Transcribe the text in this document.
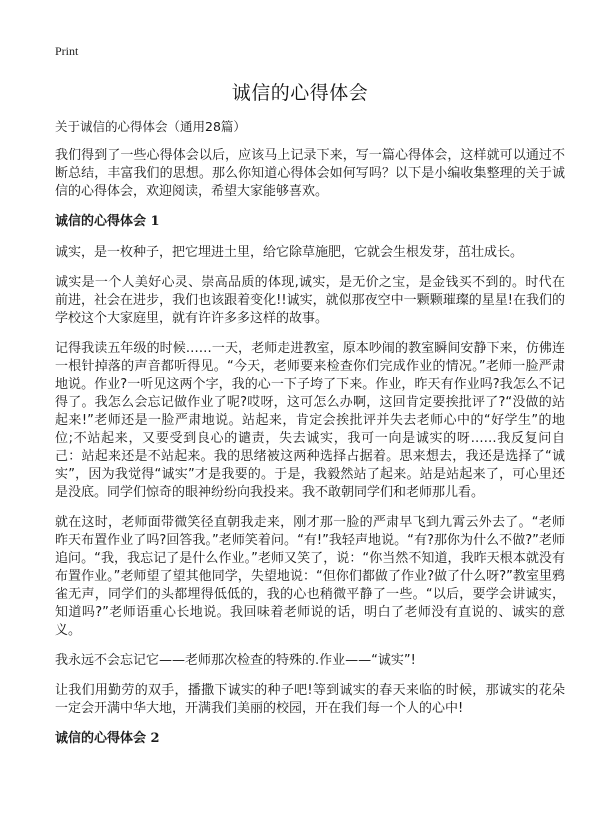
Print
诚信的心得体会
关于诚信的心得体会（通用28篇）

我们得到了一些心得体会以后，应该马上记录下来，写一篇心得体会，这样就可以通过不断总结，丰富我们的思想。那么你知道心得体会如何写吗？以下是小编收集整理的关于诚信的心得体会，欢迎阅读，希望大家能够喜欢。

诚信的心得体会 1

诚实，是一枚种子，把它埋进土里，给它除草施肥，它就会生根发芽，茁壮成长。

诚实是一个人美好心灵、崇高品质的体现,诚实，是无价之宝，是金钱买不到的。时代在前进，社会在进步，我们也该跟着变化!!诚实，就似那夜空中一颗颗璀璨的星星!在我们的学校这个大家庭里，就有许许多多这样的故事。

记得我读五年级的时候……一天，老师走进教室，原本吵闹的教室瞬间安静下来，仿佛连一根针掉落的声音都听得见。“今天，老师要来检查你们完成作业的情况。”老师一脸严肃地说。作业?一听见这两个字，我的心一下子垮了下来。作业，昨天有作业吗?我怎么不记得了。我怎么会忘记做作业了呢?哎呀，这可怎么办啊，这回肯定要挨批评了?“没做的站起来!”老师还是一脸严肃地说。站起来，肯定会挨批评并失去老师心中的“好学生”的地位;不站起来，又要受到良心的谴责，失去诚实，我可一向是诚实的呀……我反复问自己：站起来还是不站起来。我的思绪被这两种选择占据着。思来想去，我还是选择了“诚实”，因为我觉得“诚实”才是我要的。于是，我毅然站了起来。站是站起来了，可心里还是没底。同学们惊奇的眼神纷纷向我投来。我不敢朝同学们和老师那儿看。

就在这时，老师面带微笑径直朝我走来，刚才那一脸的严肃早飞到九霄云外去了。“老师昨天布置作业了吗?回答我。”老师笑着问。“有!”我轻声地说。“有?那你为什么不做?”老师追问。“我，我忘记了是什么作业。”老师又笑了，说：“你当然不知道，我昨天根本就没有布置作业。”老师望了望其他同学，失望地说：“但你们都做了作业?做了什么呀?”教室里鸦雀无声，同学们的头都埋得低低的，我的心也稍微平静了一些。“以后，要学会讲诚实，知道吗?”老师语重心长地说。我回味着老师说的话，明白了老师没有直说的、诚实的意义。

我永远不会忘记它——老师那次检查的特殊的.作业——“诚实”!

让我们用勤劳的双手，播撒下诚实的种子吧!等到诚实的春天来临的时候，那诚实的花朵一定会开满中华大地，开满我们美丽的校园，开在我们每一个人的心中!

诚信的心得体会 2
